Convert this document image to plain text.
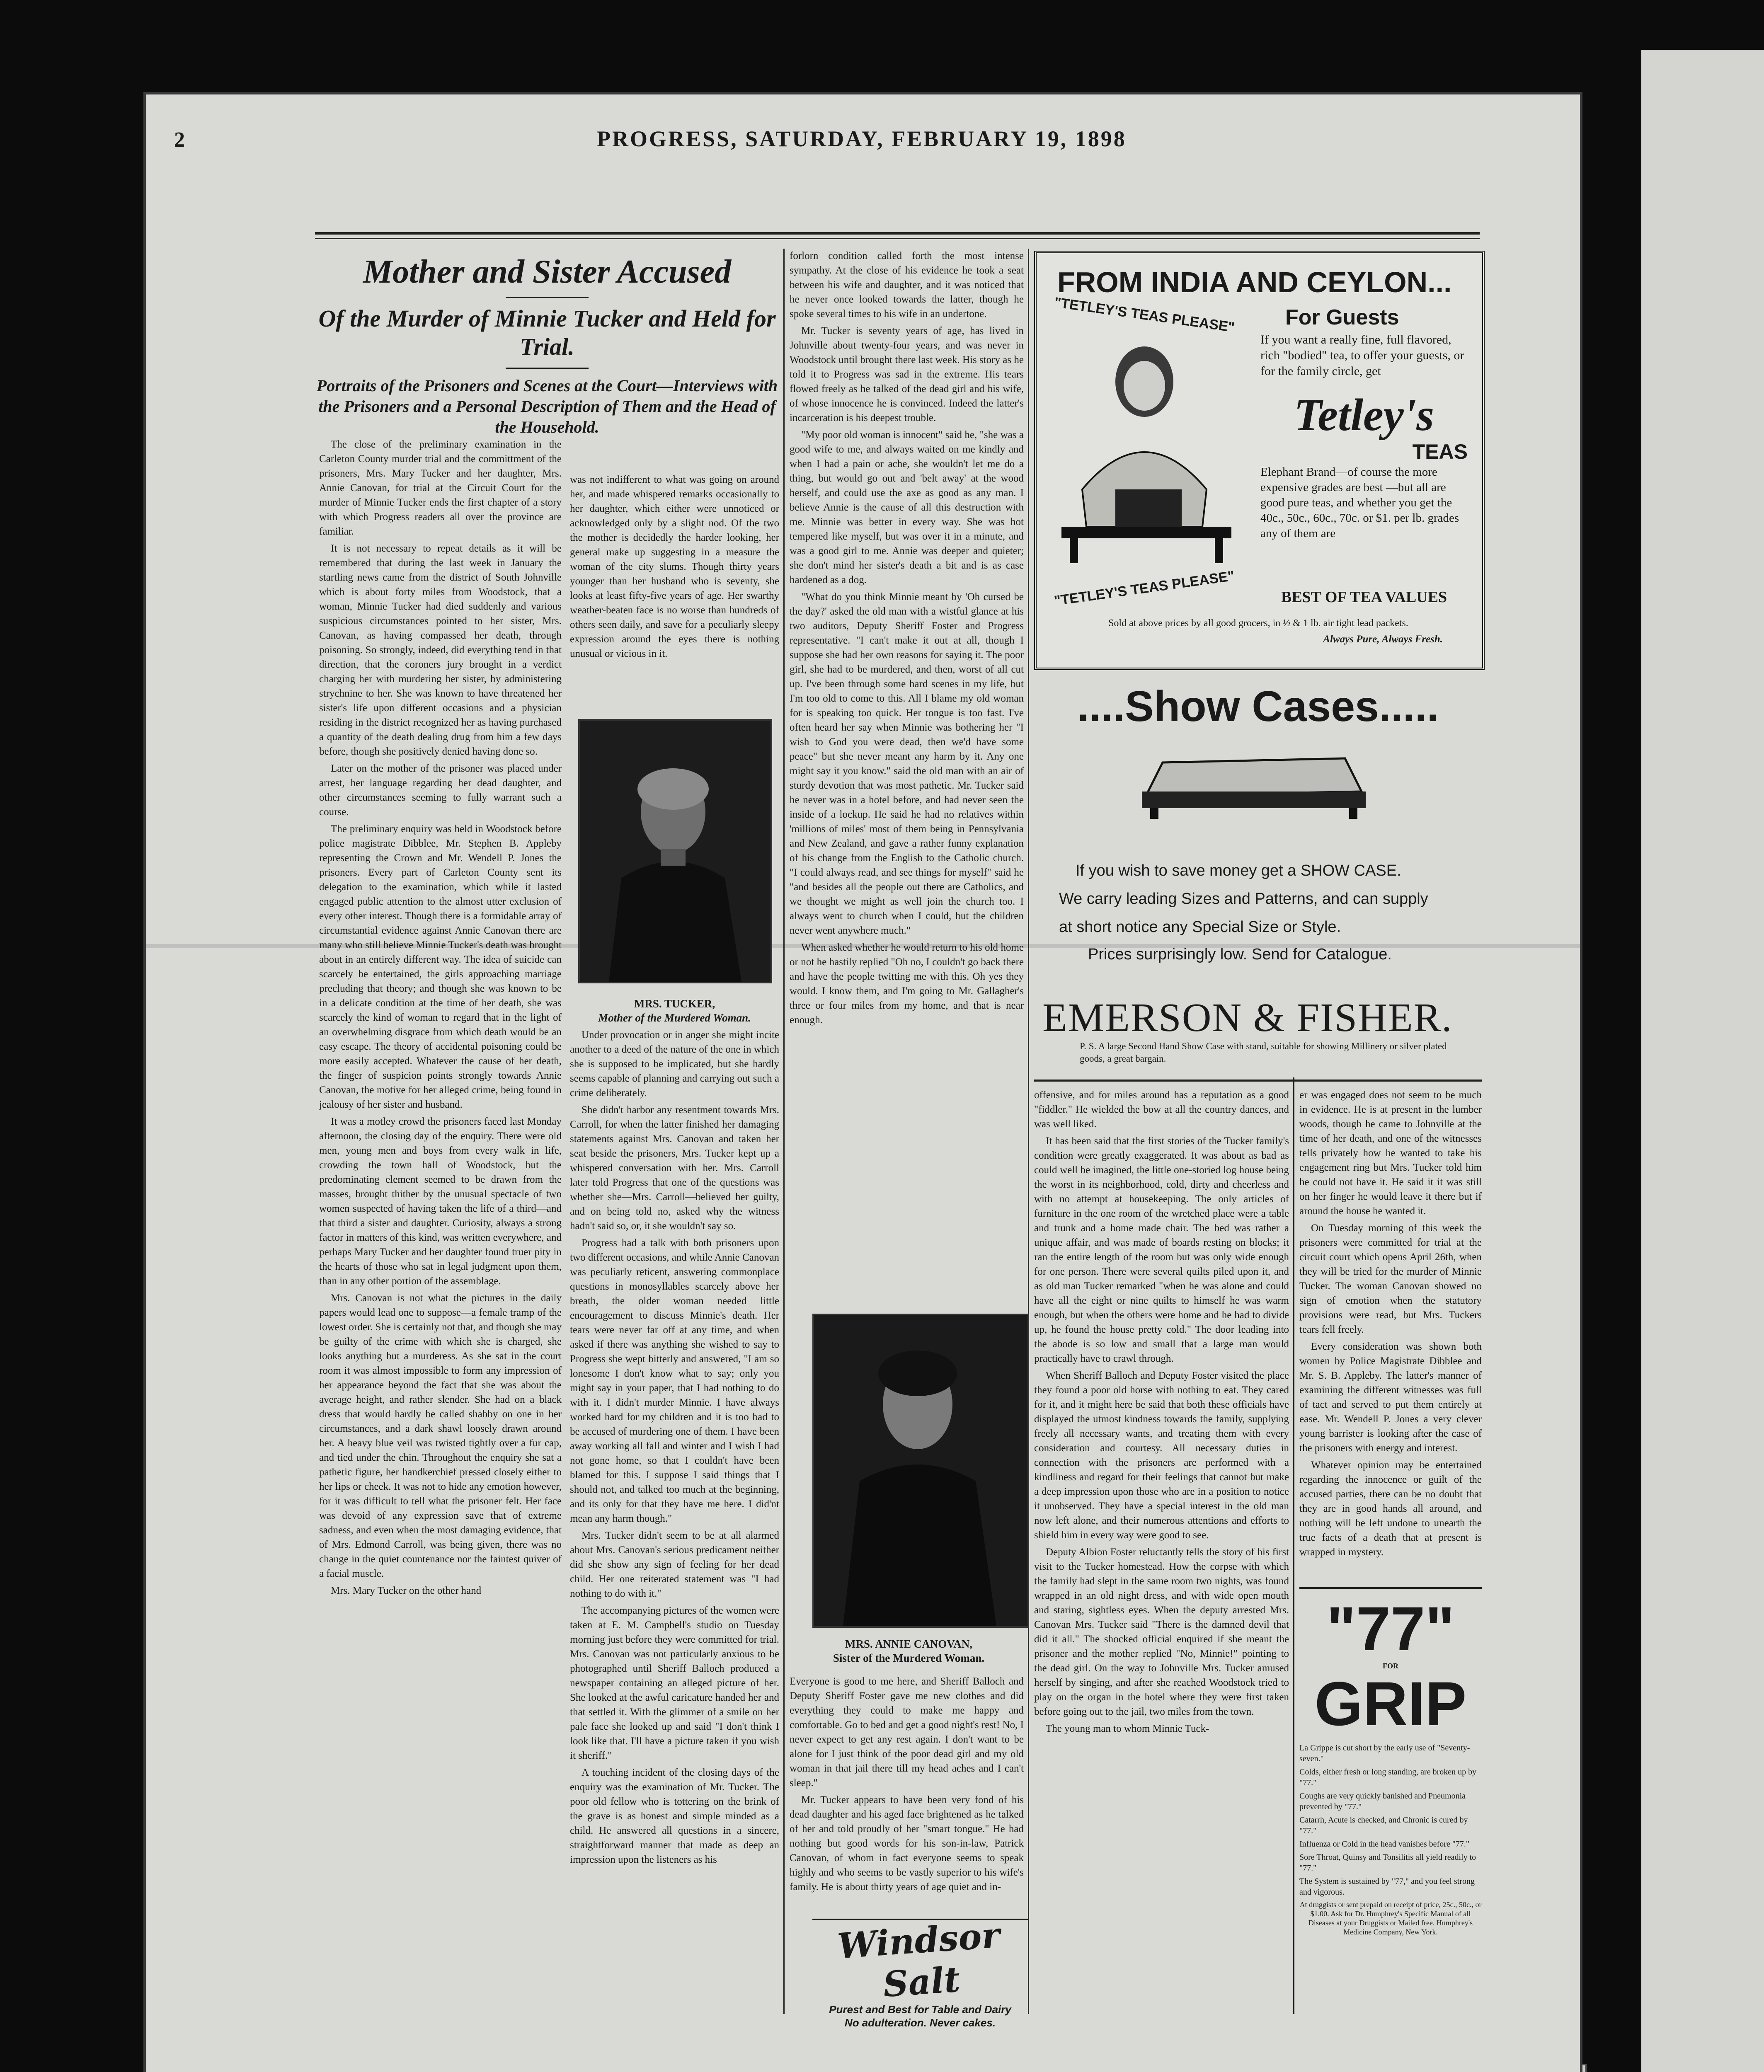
2	PROGRESS, SATURDAY, FEBRUARY 19, 1898
Mother and Sister Accused
Of the Murder of Minnie Tucker and Held for Trial.
Portraits of the Prisoners and Scenes at the Court—Interviews with the Prisoners and a Personal Description of Them and the Head of the Household.

The close of the preliminary examination in the Carleton County murder trial and the committment of the prisoners, Mrs. Mary Tucker and her daughter, Mrs. Annie Canovan, for trial at the Circuit Court for the murder of Minnie Tucker ends the first chapter of a story with which Progress readers all over the province are familiar.

It is not necessary to repeat details as it will be remembered that during the last week in January the startling news came from the district of South Johnville which is about forty miles from Woodstock, that a woman, Minnie Tucker had died suddenly and various suspicious circumstances pointed to her sister, Mrs. Canovan, as having compassed her death, through poisoning. So strongly, indeed, did everything tend in that direction, that the coroners jury brought in a verdict charging her with murdering her sister, by administering strychnine to her. She was known to have threatened her sister's life upon different occasions and a physician residing in the district recognized her as having purchased a quantity of the death dealing drug from him a few days before, though she positively denied having done so.

Later on the mother of the prisoner was placed under arrest, her language regarding her dead daughter, and other circumstances seeming to fully warrant such a course.

The preliminary enquiry was held in Woodstock before police magistrate Dibblee, Mr. Stephen B. Appleby representing the Crown and Mr. Wendell P. Jones the prisoners. Every part of Carleton County sent its delegation to the examination, which while it lasted engaged public attention to the almost utter exclusion of every other interest. Though there is a formidable array of circumstantial evidence against Annie Canovan there are many who still believe Minnie Tucker's death was brought about in an entirely different way. The idea of suicide can scarcely be entertained, the girls approaching marriage precluding that theory; and though she was known to be in a delicate condition at the time of her death, she was scarcely the kind of woman to regard that in the light of an overwhelming disgrace from which death would be an easy escape. The theory of accidental poisoning could be more easily accepted. Whatever the cause of her death, the finger of suspicion points strongly towards Annie Canovan, the motive for her alleged crime, being found in jealousy of her sister and husband.

It was a motley crowd the prisoners faced last Monday afternoon, the closing day of the enquiry. There were old men, young men and boys from every walk in life, crowding the town hall of Woodstock, but the predominating element seemed to be drawn from the masses, brought thither by the unusual spectacle of two women suspected of having taken the life of a third—and that third a sister and daughter. Curiosity, always a strong factor in matters of this kind, was written everywhere, and perhaps Mary Tucker and her daughter found truer pity in the hearts of those who sat in legal judgment upon them, than in any other portion of the assemblage.

Mrs. Canovan is not what the pictures in the daily papers would lead one to suppose—a female tramp of the lowest order. She is certainly not that, and though she may be guilty of the crime with which she is charged, she looks anything but a murderess. As she sat in the court room it was almost impossible to form any impression of her appearance beyond the fact that she was about the average height, and rather slender. She had on a black dress that would hardly be called shabby on one in her circumstances, and a dark shawl loosely drawn around her. A heavy blue veil was twisted tightly over a fur cap, and tied under the chin. Throughout the enquiry she sat a pathetic figure, her handkerchief pressed closely either to her lips or cheek. It was not to hide any emotion however, for it was difficult to tell what the prisoner felt. Her face was devoid of any expression save that of extreme sadness, and even when the most damaging evidence, that of Mrs. Edmond Carroll, was being given, there was no change in the quiet countenance nor the faintest quiver of a facial muscle.

Mrs. Mary Tucker on the other hand

was not indifferent to what was going on around her, and made whispered remarks occasionally to her daughter, which either were unnoticed or acknowledged only by a slight nod. Of the two the mother is decidedly the harder looking, her general make up suggesting in a measure the woman of the city slums. Though thirty years younger than her husband who is seventy, she looks at least fifty-five years of age. Her swarthy weather-beaten face is no worse than hundreds of others seen daily, and save for a peculiarly sleepy expression around the eyes there is nothing unusual or vicious in it.

MRS. TUCKER,
Mother of the Murdered Woman.

Under provocation or in anger she might incite another to a deed of the nature of the one in which she is supposed to be implicated, but she hardly seems capable of planning and carrying out such a crime deliberately.

She didn't harbor any resentment towards Mrs. Carroll, for when the latter finished her damaging statements against Mrs. Canovan and taken her seat beside the prisoners, Mrs. Tucker kept up a whispered conversation with her. Mrs. Carroll later told Progress that one of the questions was whether she—Mrs. Carroll—believed her guilty, and on being told no, asked why the witness hadn't said so, or, it she wouldn't say so.

Progress had a talk with both prisoners upon two different occasions, and while Annie Canovan was peculiarly reticent, answering commonplace questions in monosyllables scarcely above her breath, the older woman needed little encouragement to discuss Minnie's death. Her tears were never far off at any time, and when asked if there was anything she wished to say to Progress she wept bitterly and answered, "I am so lonesome I don't know what to say; only you might say in your paper, that I had nothing to do with it. I didn't murder Minnie. I have always worked hard for my children and it is too bad to be accused of murdering one of them. I have been away working all fall and winter and I wish I had not gone home, so that I couldn't have been blamed for this. I suppose I said things that I should not, and talked too much at the beginning, and its only for that they have me here. I did'nt mean any harm though."

Mrs. Tucker didn't seem to be at all alarmed about Mrs. Canovan's serious predicament neither did she show any sign of feeling for her dead child. Her one reiterated statement was "I had nothing to do with it."

The accompanying pictures of the women were taken at E. M. Campbell's studio on Tuesday morning just before they were committed for trial. Mrs. Canovan was not particularly anxious to be photographed until Sheriff Balloch produced a newspaper containing an alleged picture of her. She looked at the awful caricature handed her and that settled it. With the glimmer of a smile on her pale face she looked up and said "I don't think I look like that. I'll have a picture taken if you wish it sheriff."

A touching incident of the closing days of the enquiry was the examination of Mr. Tucker. The poor old fellow who is tottering on the brink of the grave is as honest and simple minded as a child. He answered all questions in a sincere, straightforward manner that made as deep an impression upon the listeners as his

forlorn condition called forth the most intense sympathy. At the close of his evidence he took a seat between his wife and daughter, and it was noticed that he never once looked towards the latter, though he spoke several times to his wife in an undertone.

Mr. Tucker is seventy years of age, has lived in Johnville about twenty-four years, and was never in Woodstock until brought there last week. His story as he told it to Progress was sad in the extreme. His tears flowed freely as he talked of the dead girl and his wife, of whose innocence he is convinced. Indeed the latter's incarceration is his deepest trouble.

"My poor old woman is innocent" said he, "she was a good wife to me, and always waited on me kindly and when I had a pain or ache, she wouldn't let me do a thing, but would go out and 'belt away' at the wood herself, and could use the axe as good as any man. I believe Annie is the cause of all this destruction with me. Minnie was better in every way. She was hot tempered like myself, but was over it in a minute, and was a good girl to me. Annie was deeper and quieter; she don't mind her sister's death a bit and is as case hardened as a dog.

"What do you think Minnie meant by 'Oh cursed be the day?' asked the old man with a wistful glance at his two auditors, Deputy Sheriff Foster and Progress representative. "I can't make it out at all, though I suppose she had her own reasons for saying it. The poor girl, she had to be murdered, and then, worst of all cut up. I've been through some hard scenes in my life, but I'm too old to come to this. All I blame my old woman for is speaking too quick. Her tongue is too fast. I've often heard her say when Minnie was bothering her "I wish to God you were dead, then we'd have some peace" but she never meant any harm by it. Any one might say it you know." said the old man with an air of sturdy devotion that was most pathetic. Mr. Tucker said he never was in a hotel before, and had never seen the inside of a lockup. He said he had no relatives within 'millions of miles' most of them being in Pennsylvania and New Zealand, and gave a rather funny explanation of his change from the English to the Catholic church. "I could always read, and see things for myself" said he "and besides all the people out there are Catholics, and we thought we might as well join the church too. I always went to church when I could, but the children never went anywhere much."

When asked whether he would return to his old home or not he hastily replied "Oh no, I couldn't go back there and have the people twitting me with this. Oh yes they would. I know them, and I'm going to Mr. Gallagher's three or four miles from my home, and that is near enough.

MRS. ANNIE CANOVAN,
Sister of the Murdered Woman.

Everyone is good to me here, and Sheriff Balloch and Deputy Sheriff Foster gave me new clothes and did everything they could to make me happy and comfortable. Go to bed and get a good night's rest! No, I never expect to get any rest again. I don't want to be alone for I just think of the poor dead girl and my old woman in that jail there till my head aches and I can't sleep."

Mr. Tucker appears to have been very fond of his dead daughter and his aged face brightened as he talked of her and told proudly of her "smart tongue." He had nothing but good words for his son-in-law, Patrick Canovan, of whom in fact everyone seems to speak highly and who seems to be vastly superior to his wife's family. He is about thirty years of age quiet and in-

Windsor Salt
Purest and Best for Table and Dairy
No adulteration. Never cakes.
FROM INDIA AND CEYLON...
"TETLEY'S TEAS PLEASE"
"TETLEY'S TEAS PLEASE"
For Guests
If you want a really fine, full flavored, rich "bodied" tea, to offer your guests, or for the family circle, get
Tetley's
TEAS
Elephant Brand—of course the more expensive grades are best —but all are good pure teas, and whether you get the 40c., 50c., 60c., 70c. or $1. per lb. grades any of them are
BEST OF TEA VALUES
Sold at above prices by all good grocers, in ½ & 1 lb. air tight lead packets.
Always Pure, Always Fresh.
....Show Cases.....
If you wish to save money get a SHOW CASE.
We carry leading Sizes and Patterns, and can supply
at short notice any Special Size or Style.
Prices surprisingly low. Send for Catalogue.
EMERSON & FISHER.
P. S. A large Second Hand Show Case with stand, suitable for showing Millinery or silver plated goods, a great bargain.

offensive, and for miles around has a reputation as a good "fiddler." He wielded the bow at all the country dances, and was well liked.

It has been said that the first stories of the Tucker family's condition were greatly exaggerated. It was about as bad as could well be imagined, the little one-storied log house being the worst in its neighborhood, cold, dirty and cheerless and with no attempt at housekeeping. The only articles of furniture in the one room of the wretched place were a table and trunk and a home made chair. The bed was rather a unique affair, and was made of boards resting on blocks; it ran the entire length of the room but was only wide enough for one person. There were several quilts piled upon it, and as old man Tucker remarked "when he was alone and could have all the eight or nine quilts to himself he was warm enough, but when the others were home and he had to divide up, he found the house pretty cold." The door leading into the abode is so low and small that a large man would practically have to crawl through.

When Sheriff Balloch and Deputy Foster visited the place they found a poor old horse with nothing to eat. They cared for it, and it might here be said that both these officials have displayed the utmost kindness towards the family, supplying freely all necessary wants, and treating them with every consideration and courtesy. All necessary duties in connection with the prisoners are performed with a kindliness and regard for their feelings that cannot but make a deep impression upon those who are in a position to notice it unobserved. They have a special interest in the old man now left alone, and their numerous attentions and efforts to shield him in every way were good to see.

Deputy Albion Foster reluctantly tells the story of his first visit to the Tucker homestead. How the corpse with which the family had slept in the same room two nights, was found wrapped in an old night dress, and with wide open mouth and staring, sightless eyes. When the deputy arrested Mrs. Canovan Mrs. Tucker said "There is the damned devil that did it all." The shocked official enquired if she meant the prisoner and the mother replied "No, Minnie!" pointing to the dead girl. On the way to Johnville Mrs. Tucker amused herself by singing, and after she reached Woodstock tried to play on the organ in the hotel where they were first taken before going out to the jail, two miles from the town.

The young man to whom Minnie Tuck-

er was engaged does not seem to be much in evidence. He is at present in the lumber woods, though he came to Johnville at the time of her death, and one of the witnesses tells privately how he wanted to take his engagement ring but Mrs. Tucker told him he could not have it. He said it it was still on her finger he would leave it there but if around the house he wanted it.

On Tuesday morning of this week the prisoners were committed for trial at the circuit court which opens April 26th, when they will be tried for the murder of Minnie Tucker. The woman Canovan showed no sign of emotion when the statutory provisions were read, but Mrs. Tuckers tears fell freely.

Every consideration was shown both women by Police Magistrate Dibblee and Mr. S. B. Appleby. The latter's manner of examining the different witnesses was full of tact and served to put them entirely at ease. Mr. Wendell P. Jones a very clever young barrister is looking after the case of the prisoners with energy and interest.

Whatever opinion may be entertained regarding the innocence or guilt of the accused parties, there can be no doubt that they are in good hands all around, and nothing will be left undone to unearth the true facts of a death that at present is wrapped in mystery.

"77"
FOR
GRIP
La Grippe is cut short by the early use of "Seventy-seven."
Colds, either fresh or long standing, are broken up by "77."
Coughs are very quickly banished and Pneumonia prevented by "77."
Catarrh, Acute is checked, and Chronic is cured by "77."
Influenza or Cold in the head vanishes before "77."
Sore Throat, Quinsy and Tonsilitis all yield readily to "77."
The System is sustained by "77," and you feel strong and vigorous.
At druggists or sent prepaid on receipt of price, 25c., 50c., or $1.00. Ask for Dr. Humphrey's Specific Manual of all Diseases at your Druggists or Mailed free. Humphrey's Medicine Company, New York.
